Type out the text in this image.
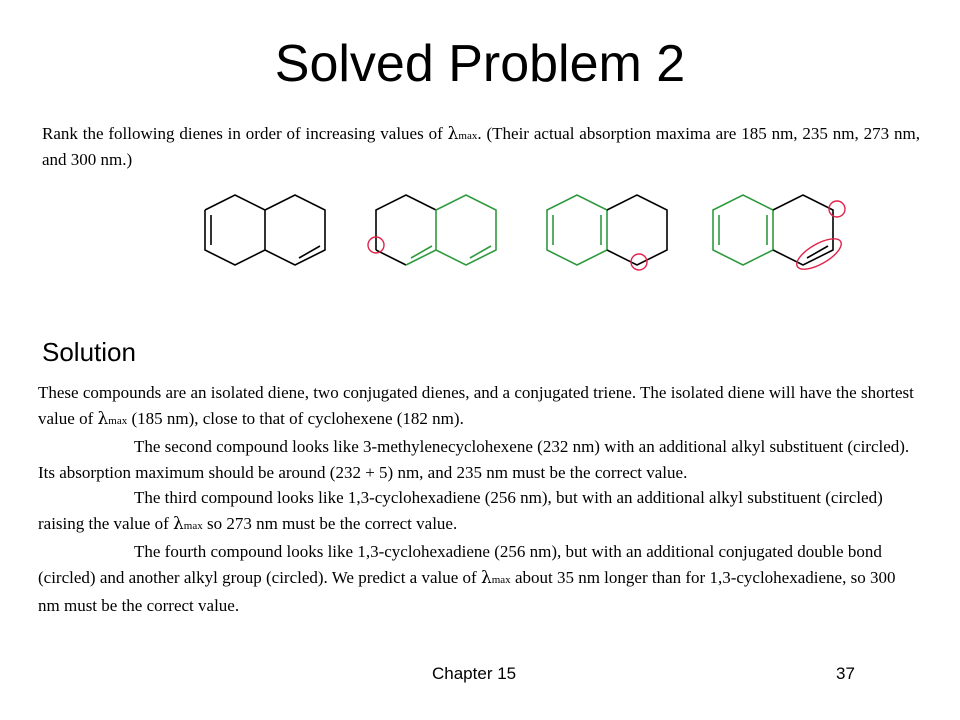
Solved Problem 2
Rank the following dienes in order of increasing values of λmax. (Their actual absorption maxima are 185 nm, 235 nm, 273 nm, and 300 nm.)
Solution

These compounds are an isolated diene, two conjugated dienes, and a conjugated triene. The isolated diene will have the shortest value of λmax (185 nm), close to that of cyclohexene (182 nm).

The second compound looks like 3-methylenecyclohexene (232 nm) with an additional alkyl substituent (circled). Its absorption maximum should be around (232 + 5) nm, and 235 nm must be the correct value.

The third compound looks like 1,3-cyclohexadiene (256 nm), but with an additional alkyl substituent (circled) raising the value of λmax so 273 nm must be the correct value.

The fourth compound looks like 1,3-cyclohexadiene (256 nm), but with an additional conjugated double bond (circled) and another alkyl group (circled). We predict a value of λmax about 35 nm longer than for 1,3-cyclohexadiene, so 300 nm must be the correct value.

Chapter 15	37
